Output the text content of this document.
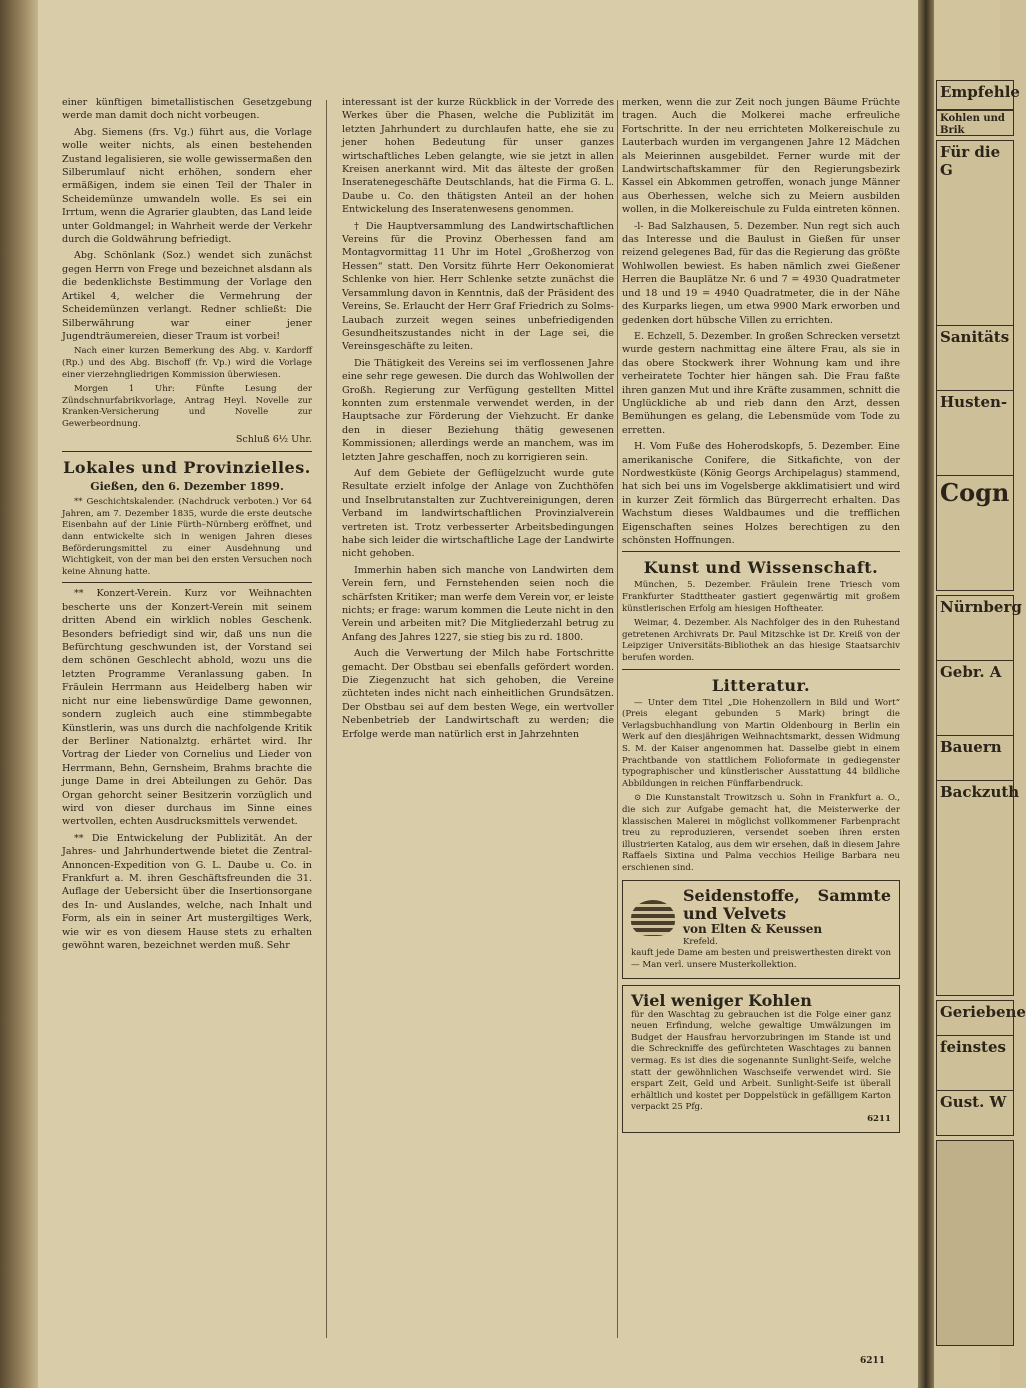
einer künftigen bimetallistischen Gesetzgebung werde man damit doch nicht vorbeugen.

Abg. Siemens (frs. Vg.) führt aus, die Vorlage wolle weiter nichts, als einen bestehenden Zustand legalisieren, sie wolle gewissermaßen den Silberumlauf nicht erhöhen, sondern eher ermäßigen, indem sie einen Teil der Thaler in Scheidemünze umwandeln wolle. Es sei ein Irrtum, wenn die Agrarier glaubten, das Land leide unter Goldmangel; in Wahrheit werde der Verkehr durch die Goldwährung befriedigt.

Abg. Schönlank (Soz.) wendet sich zunächst gegen Herrn von Frege und bezeichnet alsdann als die bedenklichste Bestimmung der Vorlage den Artikel 4, welcher die Vermehrung der Scheidemünzen verlangt. Redner schließt: Die Silberwährung war einer jener Jugendträumereien, dieser Traum ist vorbei!

Nach einer kurzen Bemerkung des Abg. v. Kardorff (Rp.) und des Abg. Bischoff (fr. Vp.) wird die Vorlage einer vierzehngliedrigen Kommission überwiesen.

Morgen 1 Uhr: Fünfte Lesung der Zündschnurfabrikvorlage, Antrag Heyl. Novelle zur Kranken-Versicherung und Novelle zur Gewerbeordnung.

Schluß 6½ Uhr.

Lokales und Provinzielles.
Gießen, den 6. Dezember 1899.

** Geschichtskalender. (Nachdruck verboten.) Vor 64 Jahren, am 7. Dezember 1835, wurde die erste deutsche Eisenbahn auf der Linie Fürth–Nürnberg eröffnet, und dann entwickelte sich in wenigen Jahren dieses Beförderungsmittel zu einer Ausdehnung und Wichtigkeit, von der man bei den ersten Versuchen noch keine Ahnung hatte.

** Konzert-Verein. Kurz vor Weihnachten bescherte uns der Konzert-Verein mit seinem dritten Abend ein wirklich nobles Geschenk. Besonders befriedigt sind wir, daß uns nun die Befürchtung geschwunden ist, der Vorstand sei dem schönen Geschlecht abhold, wozu uns die letzten Programme Veranlassung gaben. In Fräulein Herrmann aus Heidelberg haben wir nicht nur eine liebenswürdige Dame gewonnen, sondern zugleich auch eine stimmbegabte Künstlerin, was uns durch die nachfolgende Kritik der Berliner Nationalztg. erhärtet wird. Ihr Vortrag der Lieder von Cornelius und Lieder von Herrmann, Behn, Gernsheim, Brahms brachte die junge Dame in drei Abteilungen zu Gehör. Das Organ gehorcht seiner Besitzerin vorzüglich und wird von dieser durchaus im Sinne eines wertvollen, echten Ausdrucksmittels verwendet.

** Die Entwickelung der Publizität. An der Jahres- und Jahrhundertwende bietet die Zentral-Annoncen-Expedition von G. L. Daube u. Co. in Frankfurt a. M. ihren Geschäftsfreunden die 31. Auflage der Uebersicht über die Insertionsorgane des In- und Auslandes, welche, nach Inhalt und Form, als ein in seiner Art mustergiltiges Werk, wie wir es von diesem Hause stets zu erhalten gewöhnt waren, bezeichnet werden muß. Sehr

interessant ist der kurze Rückblick in der Vorrede des Werkes über die Phasen, welche die Publizität im letzten Jahrhundert zu durchlaufen hatte, ehe sie zu jener hohen Bedeutung für unser ganzes wirtschaftliches Leben gelangte, wie sie jetzt in allen Kreisen anerkannt wird. Mit das älteste der großen Inseratenegeschäfte Deutschlands, hat die Firma G. L. Daube u. Co. den thätigsten Anteil an der hohen Entwickelung des Inseratenwesens genommen.

† Die Hauptversammlung des Landwirtschaftlichen Vereins für die Provinz Oberhessen fand am Montagvormittag 11 Uhr im Hotel „Großherzog von Hessen“ statt. Den Vorsitz führte Herr Oekonomierat Schlenke von hier. Herr Schlenke setzte zunächst die Versammlung davon in Kenntnis, daß der Präsident des Vereins, Se. Erlaucht der Herr Graf Friedrich zu Solms-Laubach zurzeit wegen seines unbefriedigenden Gesundheitszustandes nicht in der Lage sei, die Vereinsgeschäfte zu leiten.

Die Thätigkeit des Vereins sei im verflossenen Jahre eine sehr rege gewesen. Die durch das Wohlwollen der Großh. Regierung zur Verfügung gestellten Mittel konnten zum erstenmale verwendet werden, in der Hauptsache zur Förderung der Viehzucht. Er danke den in dieser Beziehung thätig gewesenen Kommissionen; allerdings werde an manchem, was im letzten Jahre geschaffen, noch zu korrigieren sein.

Auf dem Gebiete der Geflügelzucht wurde gute Resultate erzielt infolge der Anlage von Zuchthöfen und Inselbrutanstalten zur Zuchtvereinigungen, deren Verband im landwirtschaftlichen Provinzialverein vertreten ist. Trotz verbesserter Arbeitsbedingungen habe sich leider die wirtschaftliche Lage der Landwirte nicht gehoben.

Immerhin haben sich manche von Landwirten dem Verein fern, und Fernstehenden seien noch die schärfsten Kritiker; man werfe dem Verein vor, er leiste nichts; er frage: warum kommen die Leute nicht in den Verein und arbeiten mit? Die Mitgliederzahl betrug zu Anfang des Jahres 1227, sie stieg bis zu rd. 1800.

Auch die Verwertung der Milch habe Fortschritte gemacht. Der Obstbau sei ebenfalls gefördert worden. Die Ziegenzucht hat sich gehoben, die Vereine züchteten indes nicht nach einheitlichen Grundsätzen. Der Obstbau sei auf dem besten Wege, ein wertvoller Nebenbetrieb der Landwirtschaft zu werden; die Erfolge werde man natürlich erst in Jahrzehnten

merken, wenn die zur Zeit noch jungen Bäume Früchte tragen. Auch die Molkerei mache erfreuliche Fortschritte. In der neu errichteten Molkereischule zu Lauterbach wurden im vergangenen Jahre 12 Mädchen als Meierinnen ausgebildet. Ferner wurde mit der Landwirtschaftskammer für den Regierungsbezirk Kassel ein Abkommen getroffen, wonach junge Männer aus Oberhessen, welche sich zu Meiern ausbilden wollen, in die Molkereischule zu Fulda eintreten können.

-l- Bad Salzhausen, 5. Dezember. Nun regt sich auch das Interesse und die Baulust in Gießen für unser reizend gelegenes Bad, für das die Regierung das größte Wohlwollen bewiest. Es haben nämlich zwei Gießener Herren die Bauplätze Nr. 6 und 7 = 4930 Quadratmeter und 18 und 19 = 4940 Quadratmeter, die in der Nähe des Kurparks liegen, um etwa 9900 Mark erworben und gedenken dort hübsche Villen zu errichten.

E. Echzell, 5. Dezember. In großen Schrecken versetzt wurde gestern nachmittag eine ältere Frau, als sie in das obere Stockwerk ihrer Wohnung kam und ihre verheiratete Tochter hier hängen sah. Die Frau faßte ihren ganzen Mut und ihre Kräfte zusammen, schnitt die Unglückliche ab und rieb dann den Arzt, dessen Bemühungen es gelang, die Lebensmüde vom Tode zu erretten.

H. Vom Fuße des Hoherodskopfs, 5. Dezember. Eine amerikanische Conifere, die Sitkafichte, von der Nordwestküste (König Georgs Archipelagus) stammend, hat sich bei uns im Vogelsberge akklimatisiert und wird in kurzer Zeit förmlich das Bürgerrecht erhalten. Das Wachstum dieses Waldbaumes und die trefflichen Eigenschaften seines Holzes berechtigen zu den schönsten Hoffnungen.

Kunst und Wissenschaft.

München, 5. Dezember. Fräulein Irene Triesch vom Frankfurter Stadttheater gastiert gegenwärtig mit großem künstlerischen Erfolg am hiesigen Hoftheater.

Weimar, 4. Dezember. Als Nachfolger des in den Ruhestand getretenen Archivrats Dr. Paul Mitzschke ist Dr. Kreiß von der Leipziger Universitäts-Bibliothek an das hiesige Staatsarchiv berufen worden.

Litteratur.

— Unter dem Titel „Die Hohenzollern in Bild und Wort“ (Preis elegant gebunden 5 Mark) bringt die Verlagsbuchhandlung von Martin Oldenbourg in Berlin ein Werk auf den diesjährigen Weihnachtsmarkt, dessen Widmung S. M. der Kaiser angenommen hat. Dasselbe giebt in einem Prachtbande von stattlichem Folioformate in gediegenster typographischer und künstlerischer Ausstattung 44 bildliche Abbildungen in reichen Fünffarbendruck.

⊙ Die Kunstanstalt Trowitzsch u. Sohn in Frankfurt a. O., die sich zur Aufgabe gemacht hat, die Meisterwerke der klassischen Malerei in möglichst vollkommener Farbenpracht treu zu reproduzieren, versendet soeben ihren ersten illustrierten Katalog, aus dem wir ersehen, daß in diesem Jahre Raffaels Sixtina und Palma vecchios Heilige Barbara neu erschienen sind.

Seidenstoffe, Sammte und Velvets
von Elten & Keussen
Krefeld.
kauft jede Dame am besten und preiswerthesten direkt von — Man verl. unsere Musterkollektion.
Viel weniger Kohlen
für den Waschtag zu gebrauchen ist die Folge einer ganz neuen Erfindung, welche gewaltige Umwälzungen im Budget der Hausfrau hervorzubringen im Stande ist und die Schreckniffe des gefürchteten Waschtages zu bannen vermag. Es ist dies die sogenannte Sunlight-Seife, welche statt der gewöhnlichen Waschseife verwendet wird. Sie erspart Zeit, Geld und Arbeit. Sunlight-Seife ist überall erhältlich und kostet per Doppelstück in gefälligem Karton verpackt 25 Pfg.
6211
Empfehle
Kohlen und Brik
Für die G
Sanitäts
Husten-
Cogn
Nürnberg
Gebr. A
Bauern
Backzuth
Geriebene
feinstes
Gust. W
6211
